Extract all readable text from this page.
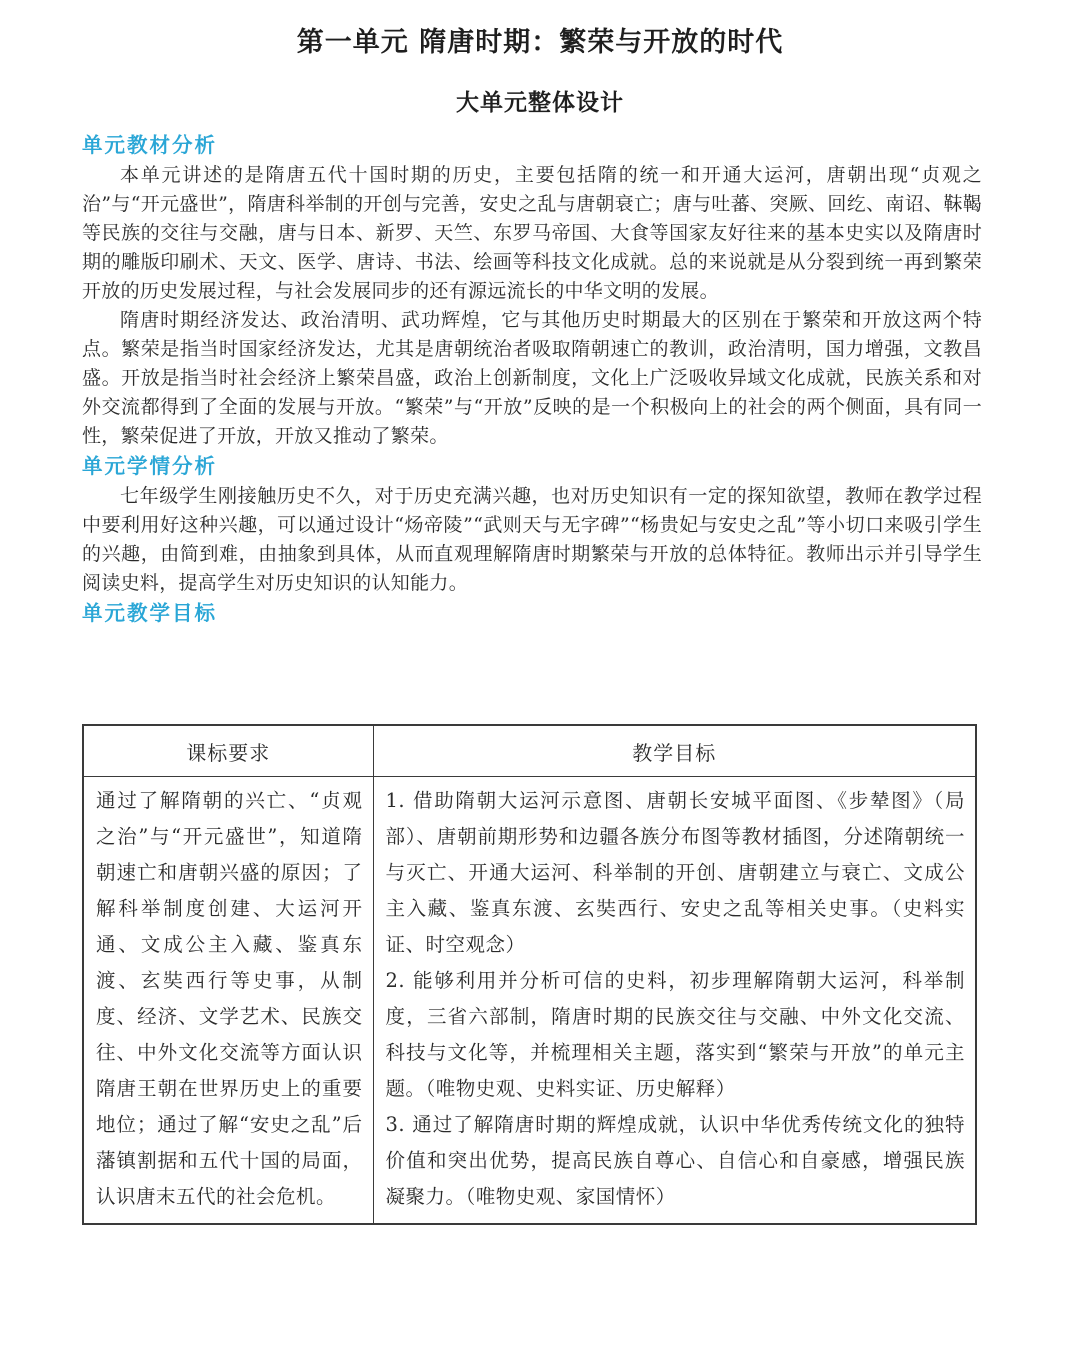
第一单元 隋唐时期：繁荣与开放的时代
大单元整体设计
单元教材分析

本单元讲述的是隋唐五代十国时期的历史，主要包括隋的统一和开通大运河，唐朝出现“贞观之治”与“开元盛世”，隋唐科举制的开创与完善，安史之乱与唐朝衰亡；唐与吐蕃、突厥、回纥、南诏、靺鞨等民族的交往与交融，唐与日本、新罗、天竺、东罗马帝国、大食等国家友好往来的基本史实以及隋唐时期的雕版印刷术、天文、医学、唐诗、书法、绘画等科技文化成就。总的来说就是从分裂到统一再到繁荣开放的历史发展过程，与社会发展同步的还有源远流长的中华文明的发展。

隋唐时期经济发达、政治清明、武功辉煌，它与其他历史时期最大的区别在于繁荣和开放这两个特点。繁荣是指当时国家经济发达，尤其是唐朝统治者吸取隋朝速亡的教训，政治清明，国力增强，文教昌盛。开放是指当时社会经济上繁荣昌盛，政治上创新制度，文化上广泛吸收异域文化成就，民族关系和对外交流都得到了全面的发展与开放。“繁荣”与“开放”反映的是一个积极向上的社会的两个侧面，具有同一性，繁荣促进了开放，开放又推动了繁荣。

单元学情分析

七年级学生刚接触历史不久，对于历史充满兴趣，也对历史知识有一定的探知欲望，教师在教学过程中要利用好这种兴趣，可以通过设计“炀帝陵”“武则天与无字碑”“杨贵妃与安史之乱”等小切口来吸引学生的兴趣，由简到难，由抽象到具体，从而直观理解隋唐时期繁荣与开放的总体特征。教师出示并引导学生阅读史料，提高学生对历史知识的认知能力。

单元教学目标
课标要求	教学目标
通过了解隋朝的兴亡、“贞观之治”与“开元盛世”，知道隋朝速亡和唐朝兴盛的原因；了解科举制度创建、大运河开通、文成公主入藏、鉴真东渡、玄奘西行等史事，从制度、经济、文学艺术、民族交往、中外文化交流等方面认识隋唐王朝在世界历史上的重要地位；通过了解“安史之乱”后藩镇割据和五代十国的局面，认识唐末五代的社会危机。	1. 借助隋朝大运河示意图、唐朝长安城平面图、《步辇图》（局部）、唐朝前期形势和边疆各族分布图等教材插图，分述隋朝统一与灭亡、开通大运河、科举制的开创、唐朝建立与衰亡、文成公主入藏、鉴真东渡、玄奘西行、安史之乱等相关史事。（史料实证、时空观念）
2. 能够利用并分析可信的史料，初步理解隋朝大运河，科举制度，三省六部制，隋唐时期的民族交往与交融、中外文化交流、科技与文化等，并梳理相关主题，落实到“繁荣与开放”的单元主题。（唯物史观、史料实证、历史解释）
3. 通过了解隋唐时期的辉煌成就，认识中华优秀传统文化的独特价值和突出优势，提高民族自尊心、自信心和自豪感，增强民族凝聚力。（唯物史观、家国情怀）
